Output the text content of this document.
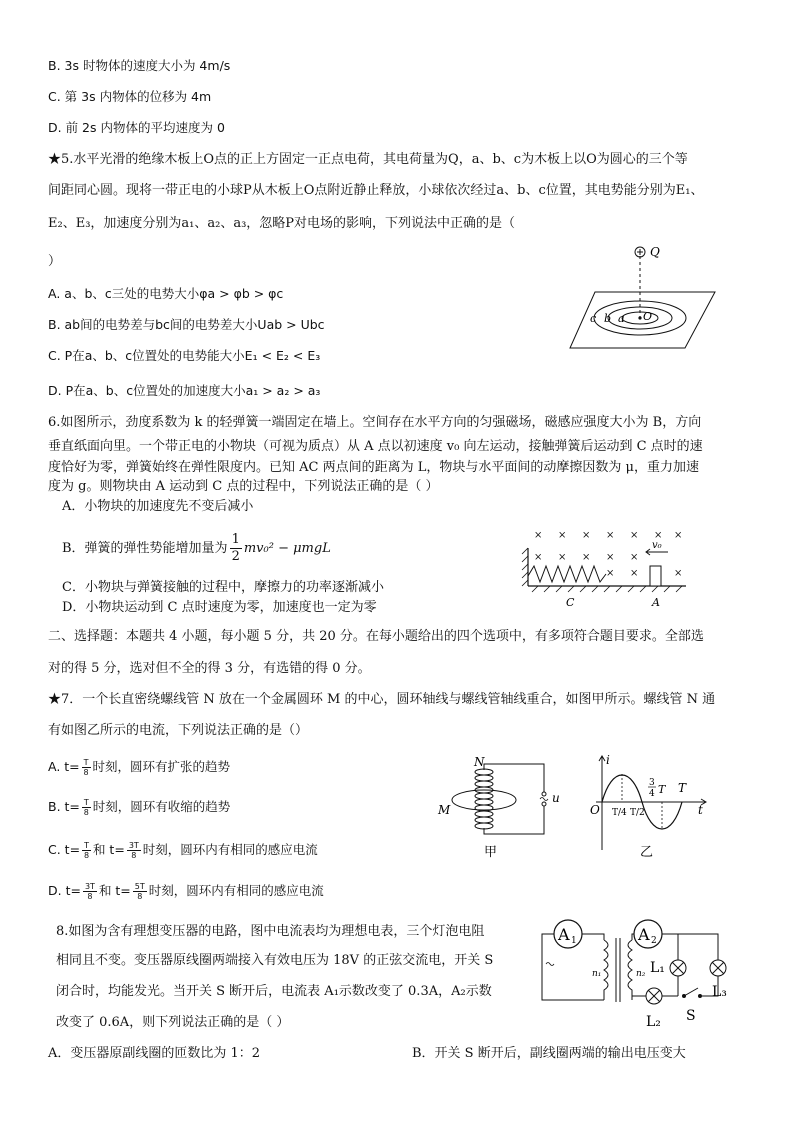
B. 3s 时物体的速度大小为 4m/s
C. 第 3s 内物体的位移为 4m
D. 前 2s 内物体的平均速度为 0
★5.水平光滑的绝缘木板上O点的正上方固定一正点电荷，其电荷量为Q，a、b、c为木板上以O为圆心的三个等
间距同心圆。现将一带正电的小球P从木板上O点附近静止释放，小球依次经过a、b、c位置，其电势能分别为E₁、
E₂、E₃，加速度分别为a₁、a₂、a₃，忽略P对电场的影响，下列说法中正确的是（
）
A. a、b、c三处的电势大小φa > φb > φc
B. ab间的电势差与bc间的电势差大小Uab > Ubc
C. P在a、b、c位置处的电势能大小E₁ < E₂ < E₃
D. P在a、b、c位置处的加速度大小a₁ > a₂ > a₃
Q
c b a O
6.如图所示，劲度系数为 k 的轻弹簧一端固定在墙上。空间存在水平方向的匀强磁场，磁感应强度大小为 B，方向
垂直纸面向里。一个带正电的小物块（可视为质点）从 A 点以初速度 v₀ 向左运动，接触弹簧后运动到 C 点时的速
度恰好为零，弹簧始终在弹性限度内。已知 AC 两点间的距离为 L，物块与水平面间的动摩擦因数为 μ，重力加速
度为 g。则物块由 A 运动到 C 点的过程中，下列说法正确的是（ ）
A．小物块的加速度先不变后减小
B．弹簧的弹性势能增加量为 $\frac{1}{2} mv_0^2 - \mu mgL$
C．小物块与弹簧接触的过程中，摩擦力的功率逐渐减小
D．小物块运动到 C 点时速度为零，加速度也一定为零
× × × × × × ×
× × × × ×
× ×	×
v₀
C	A
二、选择题：本题共 4 小题，每小题 5 分，共 20 分。在每小题给出的四个选项中，有多项符合题目要求。全部选
对的得 5 分，选对但不全的得 3 分，有选错的得 0 分。
★7．一个长直密绕螺线管 N 放在一个金属圆环 M 的中心，圆环轴线与螺线管轴线重合，如图甲所示。螺线管 N 通
有如图乙所示的电流，下列说法正确的是（）
A. $t= \frac{T}{8}$ 时刻，圆环有扩张的趋势
B. $t= \frac{T}{8}$ 时刻，圆环有收缩的趋势
C. $t= \frac{T}{8}$ 和 $t= \frac{3T}{8}$ 时刻，圆环内有相同的感应电流
D. $t= \frac{3T}{8}$ 和 $t= \frac{5T}{8}$ 时刻，圆环内有相同的感应电流
N
u
M
甲
i
O	t
T/4 T/2
3
4 T T
乙
8.如图为含有理想变压器的电路，图中电流表均为理想电表，三个灯泡电阻
相同且不变。变压器原线圈两端接入有效电压为 18V 的正弦交流电，开关 S
闭合时，均能发光。当开关 S 断开后，电流表 A₁示数改变了 0.3A，A₂示数
改变了 0.6A，则下列说法正确的是（ ）
A．变压器原副线圈的匝数比为 1：2	B．开关 S 断开后，副线圈两端的输出电压变大
A 1	A 2
n₁	n₂ L₁
L₂
L₃
S
